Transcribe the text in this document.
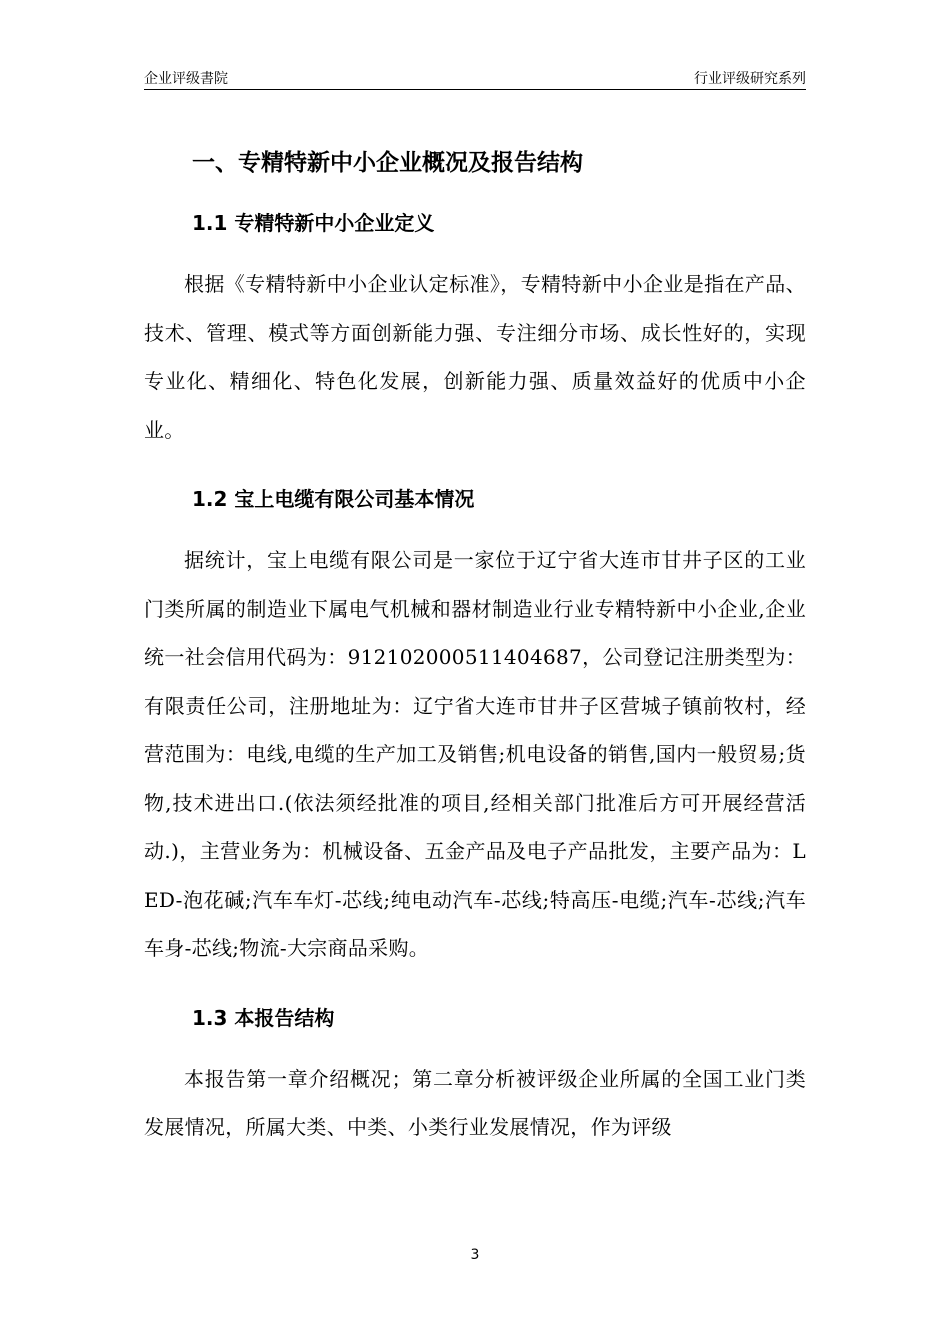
企业评级書院	行业评级研究系列
一、专精特新中小企业概况及报告结构
1.1 专精特新中小企业定义

根据《专精特新中小企业认定标准》，专精特新中小企业是指在产品、技术、管理、模式等方面创新能力强、专注细分市场、成长性好的，实现专业化、精细化、特色化发展，创新能力强、质量效益好的优质中小企业。

1.2 宝上电缆有限公司基本情况

据统计，宝上电缆有限公司是一家位于辽宁省大连市甘井子区的工业门类所属的制造业下属电气机械和器材制造业行业专精特新中小企业,企业统一社会信用代码为：912102000511404687，公司登记注册类型为：有限责任公司，注册地址为：辽宁省大连市甘井子区营城子镇前牧村，经营范围为：电线,电缆的生产加工及销售;机电设备的销售,国内一般贸易;货物,技术进出口.(依法须经批准的项目,经相关部门批准后方可开展经营活动.)，主营业务为：机械设备、五金产品及电子产品批发，主要产品为：LED-泡花碱;汽车车灯-芯线;纯电动汽车-芯线;特高压-电缆;汽车-芯线;汽车车身-芯线;物流-大宗商品采购。

1.3 本报告结构

本报告第一章介绍概况；第二章分析被评级企业所属的全国工业门类发展情况，所属大类、中类、小类行业发展情况，作为评级

3
